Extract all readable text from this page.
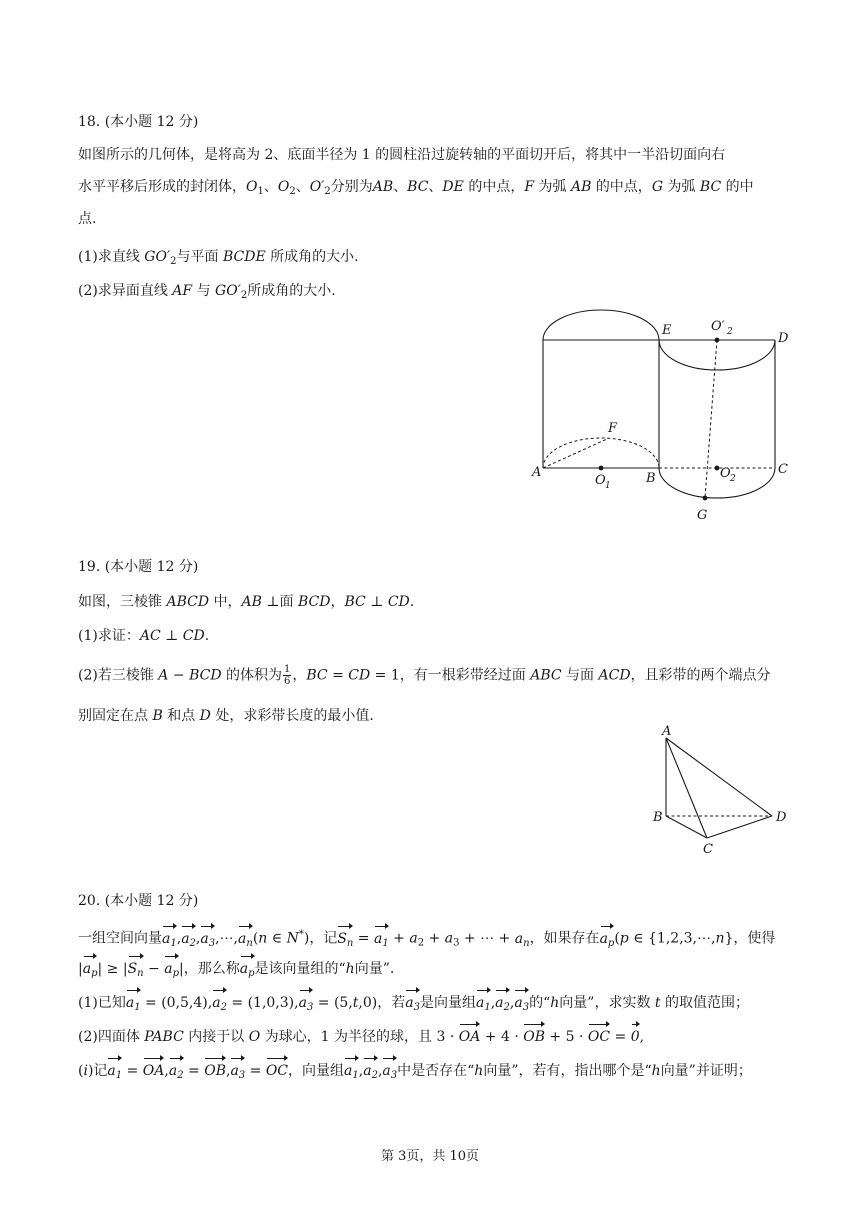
18. (本小题 12 分)
如图所示的几何体，是将高为 2、底面半径为 1 的圆柱沿过旋转轴的平面切开后，将其中一半沿切面向右
水平平移后形成的封闭体，$O_1$、$O_2$、$O'_2$分别为AB、BC、DE 的中点，F 为弧 AB 的中点，G 为弧 BC 的中
点.
(1)求直线 $GO'_2$与平面 BCDE 所成角的大小.
(2)求异面直线 AF 与 $GO'_2$所成角的大小.
E	O′ 2	D
F
A	B
C
O 1
O 2
G
19. (本小题 12 分)
如图，三棱锥 ABCD 中，AB ⊥面 BCD，BC ⊥ CD.
(1)求证：AC ⊥ CD.
(2)若三棱锥 A − BCD 的体积为 $\frac{1}{6}$ ，BC = CD = 1，有一根彩带经过面 ABC 与面 ACD，且彩带的两个端点分
别固定在点 B 和点 D 处，求彩带长度的最小值.
A
B
C
D
20. (本小题 12 分)
一组空间向量$a_1,a_2,a_3,\cdots,a_n(n$ ∈ N*)，记$S_n = a_1 + a_2 + a_3$ + ⋯ + $a_n$，如果存在$a_p(p$ ∈ {1,2,3,⋯,n}，使得
$|a_p| \ge |S_n - a_p|$，那么称$a_p$是该向量组的“h向量”.
(1)已知$a_1 = (0,5,4),a_2 = (1,0,3),a_3 = (5,t,0)$，若$a_3$是向量组$a_1,a_2,a_3$的“h向量”，求实数 t 的取值范围；
(2)四面体 PABC 内接于以 O 为球心，1 为半径的球，且 3 · OA + 4 · OB + 5 · OC = 0,
(i)记$a_1 = OA,a_2 = OB,a_3$ = OC，向量组$a_1,a_2,a_3$中是否存在“h向量”，若有，指出哪个是“h向量”并证明；
第 3页，共 10页
